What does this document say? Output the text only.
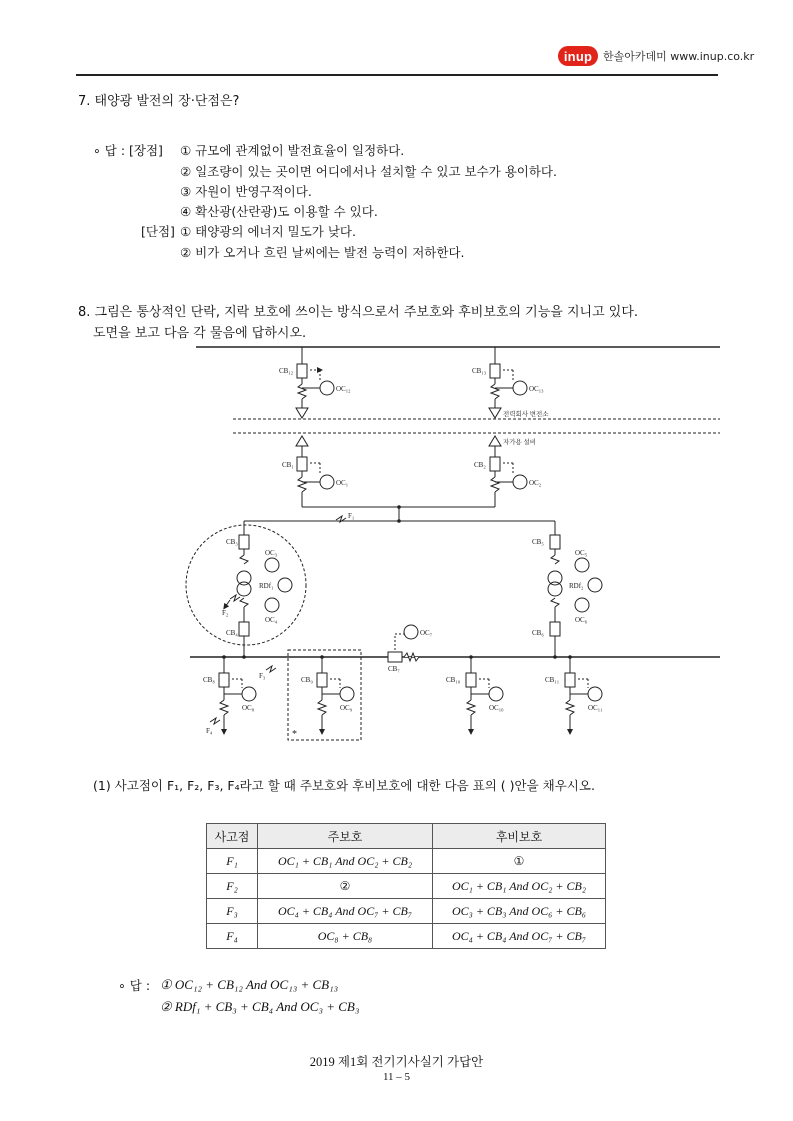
inup 한솔아카데미 www.inup.co.kr
7. 태양광 발전의 장·단점은?
∘ 답 : [장점] ① 규모에 관계없이 발전효율이 일정하다.
② 일조량이 있는 곳이면 어디에서나 설치할 수 있고 보수가 용이하다.
③ 자원이 반영구적이다.
④ 확산광(산란광)도 이용할 수 있다.
[단점] ① 태양광의 에너지 밀도가 낮다.
② 비가 오거나 흐린 날씨에는 발전 능력이 저하한다.
8. 그림은 통상적인 단락, 지락 보호에 쓰이는 방식으로서 주보호와 후비보호의 기능을 지니고 있다.
도면을 보고 다음 각 물음에 답하시오.
CB₁₂
OC₁₂
CB₁₃
OC₁₃
전력회사 변전소
CB₁
OC₁
CB₂
OC₂
자가용 설비
F₁
CB₃
OC₃
RDf₁
OC₄
CB₄
F₂
CB₅
OC₅
RDf₂
OC₆
CB₆
OC₇
CB₇
F₃
CB₈
OC₈
F₄
CB₉
OC₉
*
CB₁₀
OC₁₀
CB₁₁
OC₁₁
(1) 사고점이 F₁, F₂, F₃, F₄라고 할 때 주보호와 후비보호에 대한 다음 표의 ( )안을 채우시오.
사고점	주보호	후비보호
F₁	OC₁ + CB₁ And OC₂ + CB₂	①
F₂	②	OC₁ + CB₁ And OC₂ + CB₂
F₃	OC₄ + CB₄ And OC₇ + CB₇	OC₃ + CB₃ And OC₆ + CB₆
F₄	OC₈ + CB₈	OC₄ + CB₄ And OC₇ + CB₇
∘ 답 : ① OC₁₂ + CB₁₂ And OC₁₃ + CB₁₃
② RDf₁ + CB₃ + CB₄ And OC₃ + CB₃
2019 제1회 전기기사실기 가답안
11 – 5
